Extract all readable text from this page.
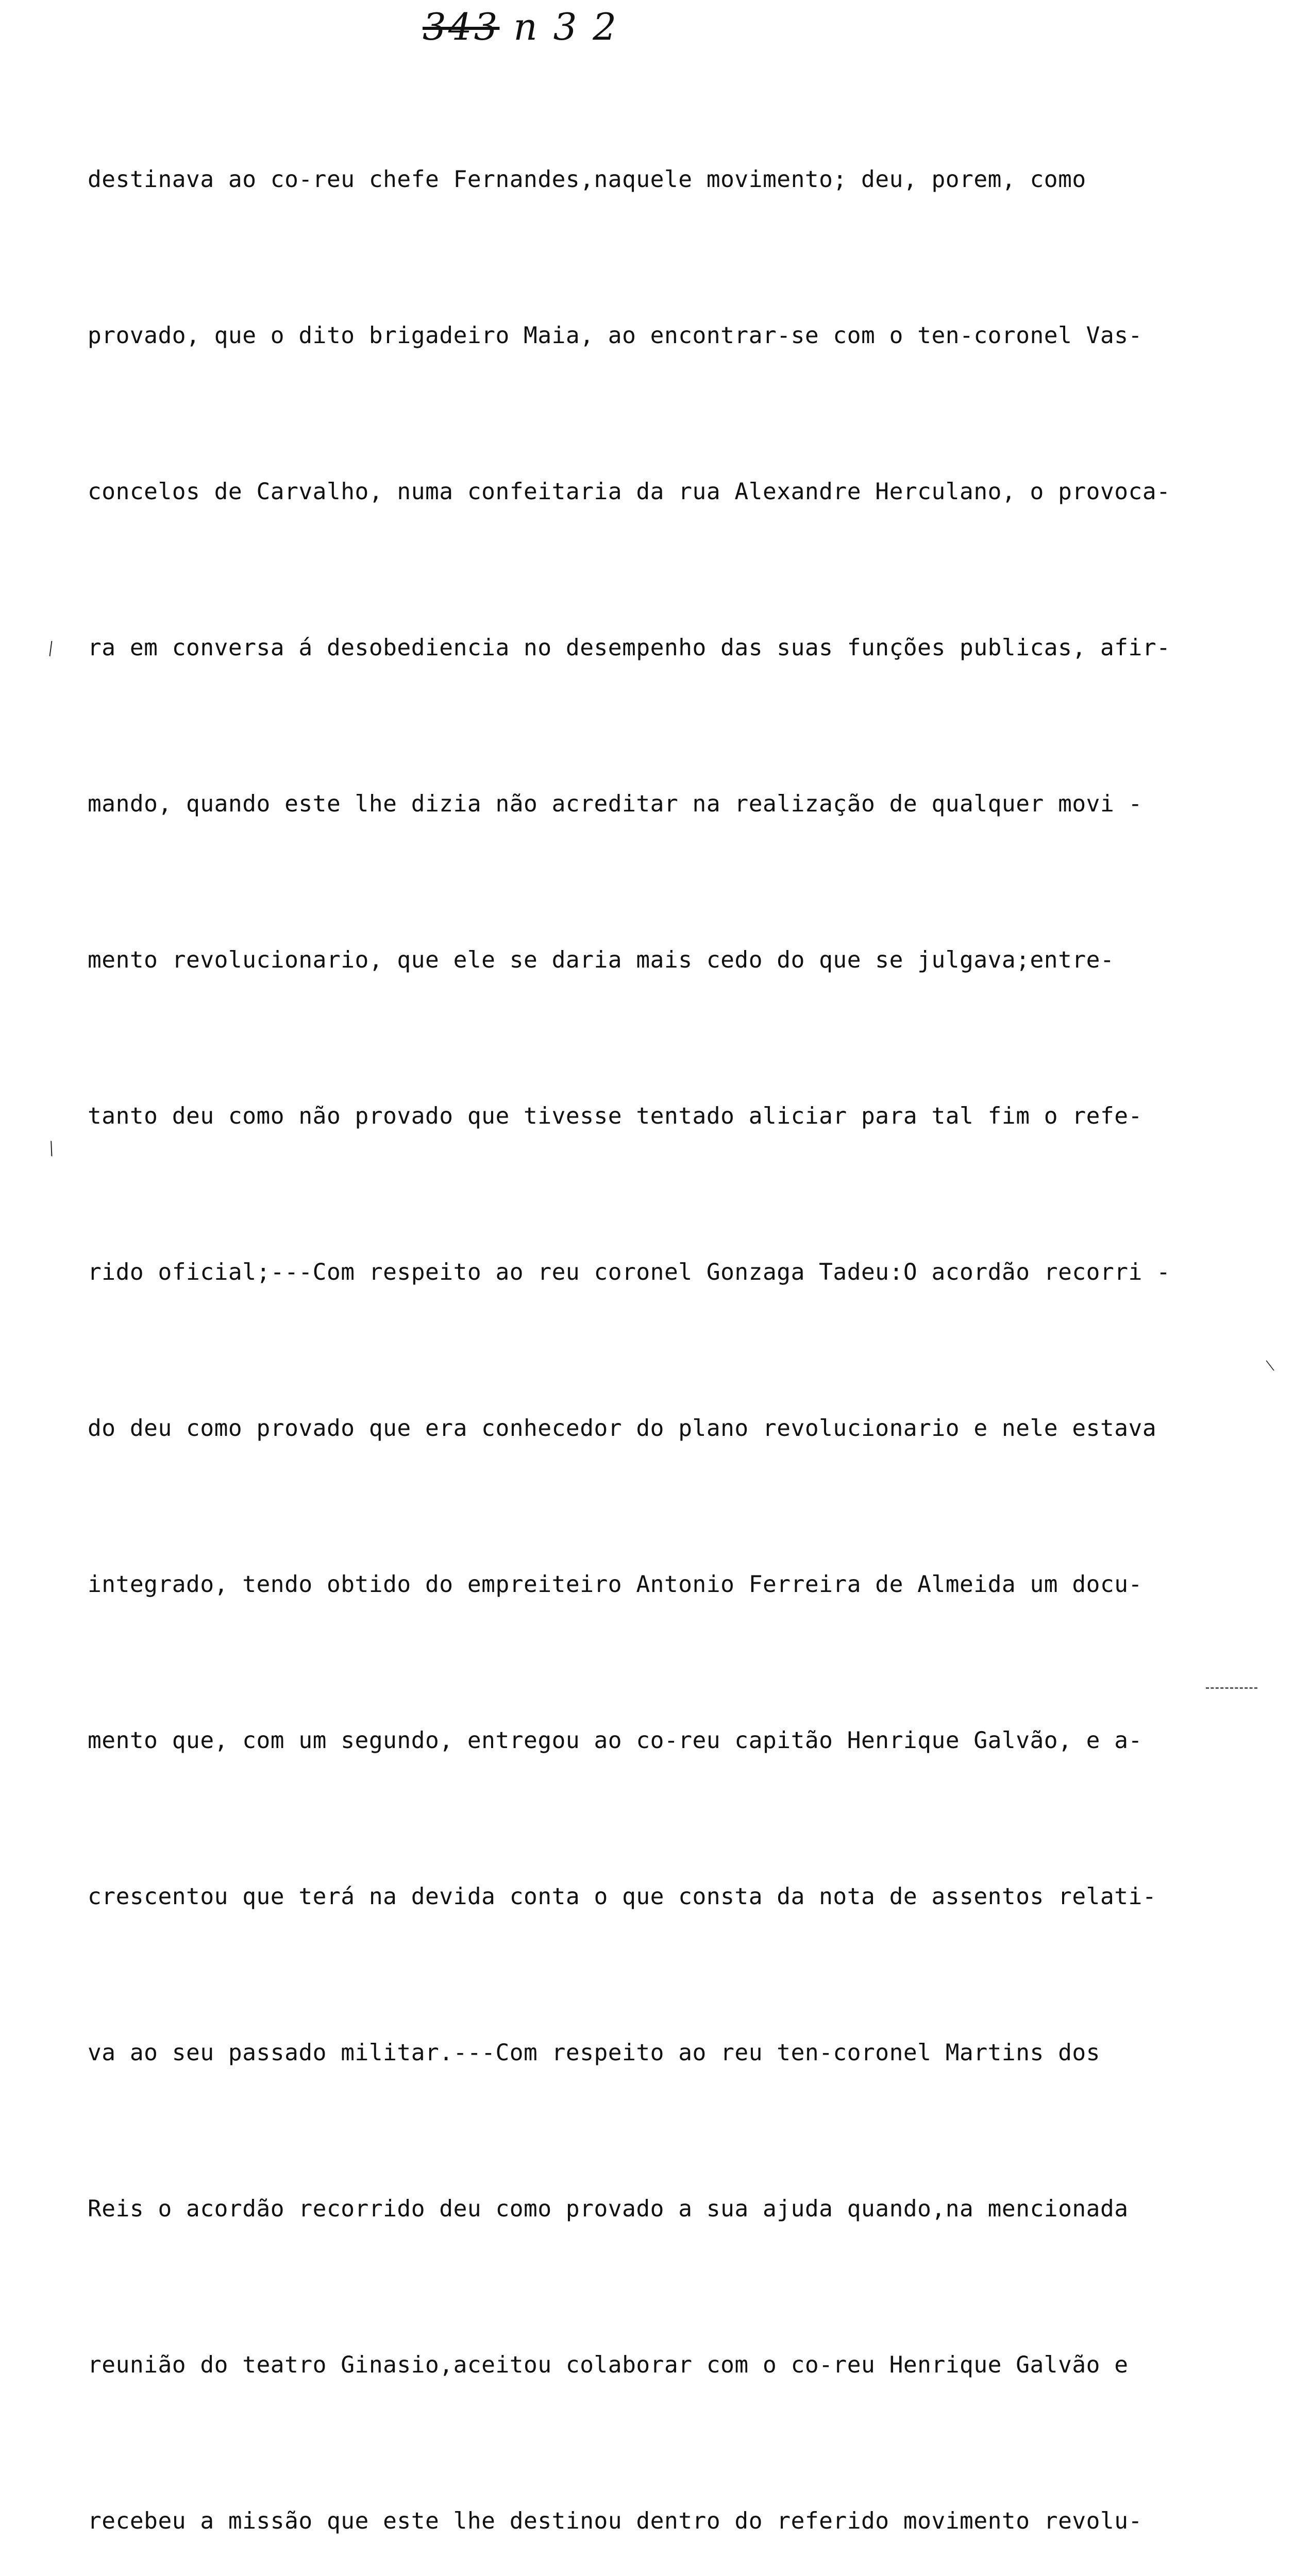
343 n 3 2

destinava ao co-reu chefe Fernandes,naquele movimento; deu, porem, como

provado, que o dito brigadeiro Maia, ao encontrar-se com o ten-coronel Vas-

concelos de Carvalho, numa confeitaria da rua Alexandre Herculano, o provoca-

ra em conversa á desobediencia no desempenho das suas funções publicas, afir-

mando, quando este lhe dizia não acreditar na realização de qualquer movi -

mento revolucionario, que ele se daria mais cedo do que se julgava;entre-

tanto deu como não provado que tivesse tentado aliciar para tal fim o refe-

rido oficial;---Com respeito ao reu coronel Gonzaga Tadeu:O acordão recorri -

do deu como provado que era conhecedor do plano revolucionario e nele estava

integrado, tendo obtido do empreiteiro Antonio Ferreira de Almeida um docu-

mento que, com um segundo, entregou ao co-reu capitão Henrique Galvão, e a-

crescentou que terá na devida conta o que consta da nota de assentos relati-

va ao seu passado militar.---Com respeito ao reu ten-coronel Martins dos

Reis o acordão recorrido deu como provado a sua ajuda quando,na mencionada

reunião do teatro Ginasio,aceitou colaborar com o co-reu Henrique Galvão e

recebeu a missão que este lhe destinou dentro do referido movimento revolu-

﹨
﹨
﹨
